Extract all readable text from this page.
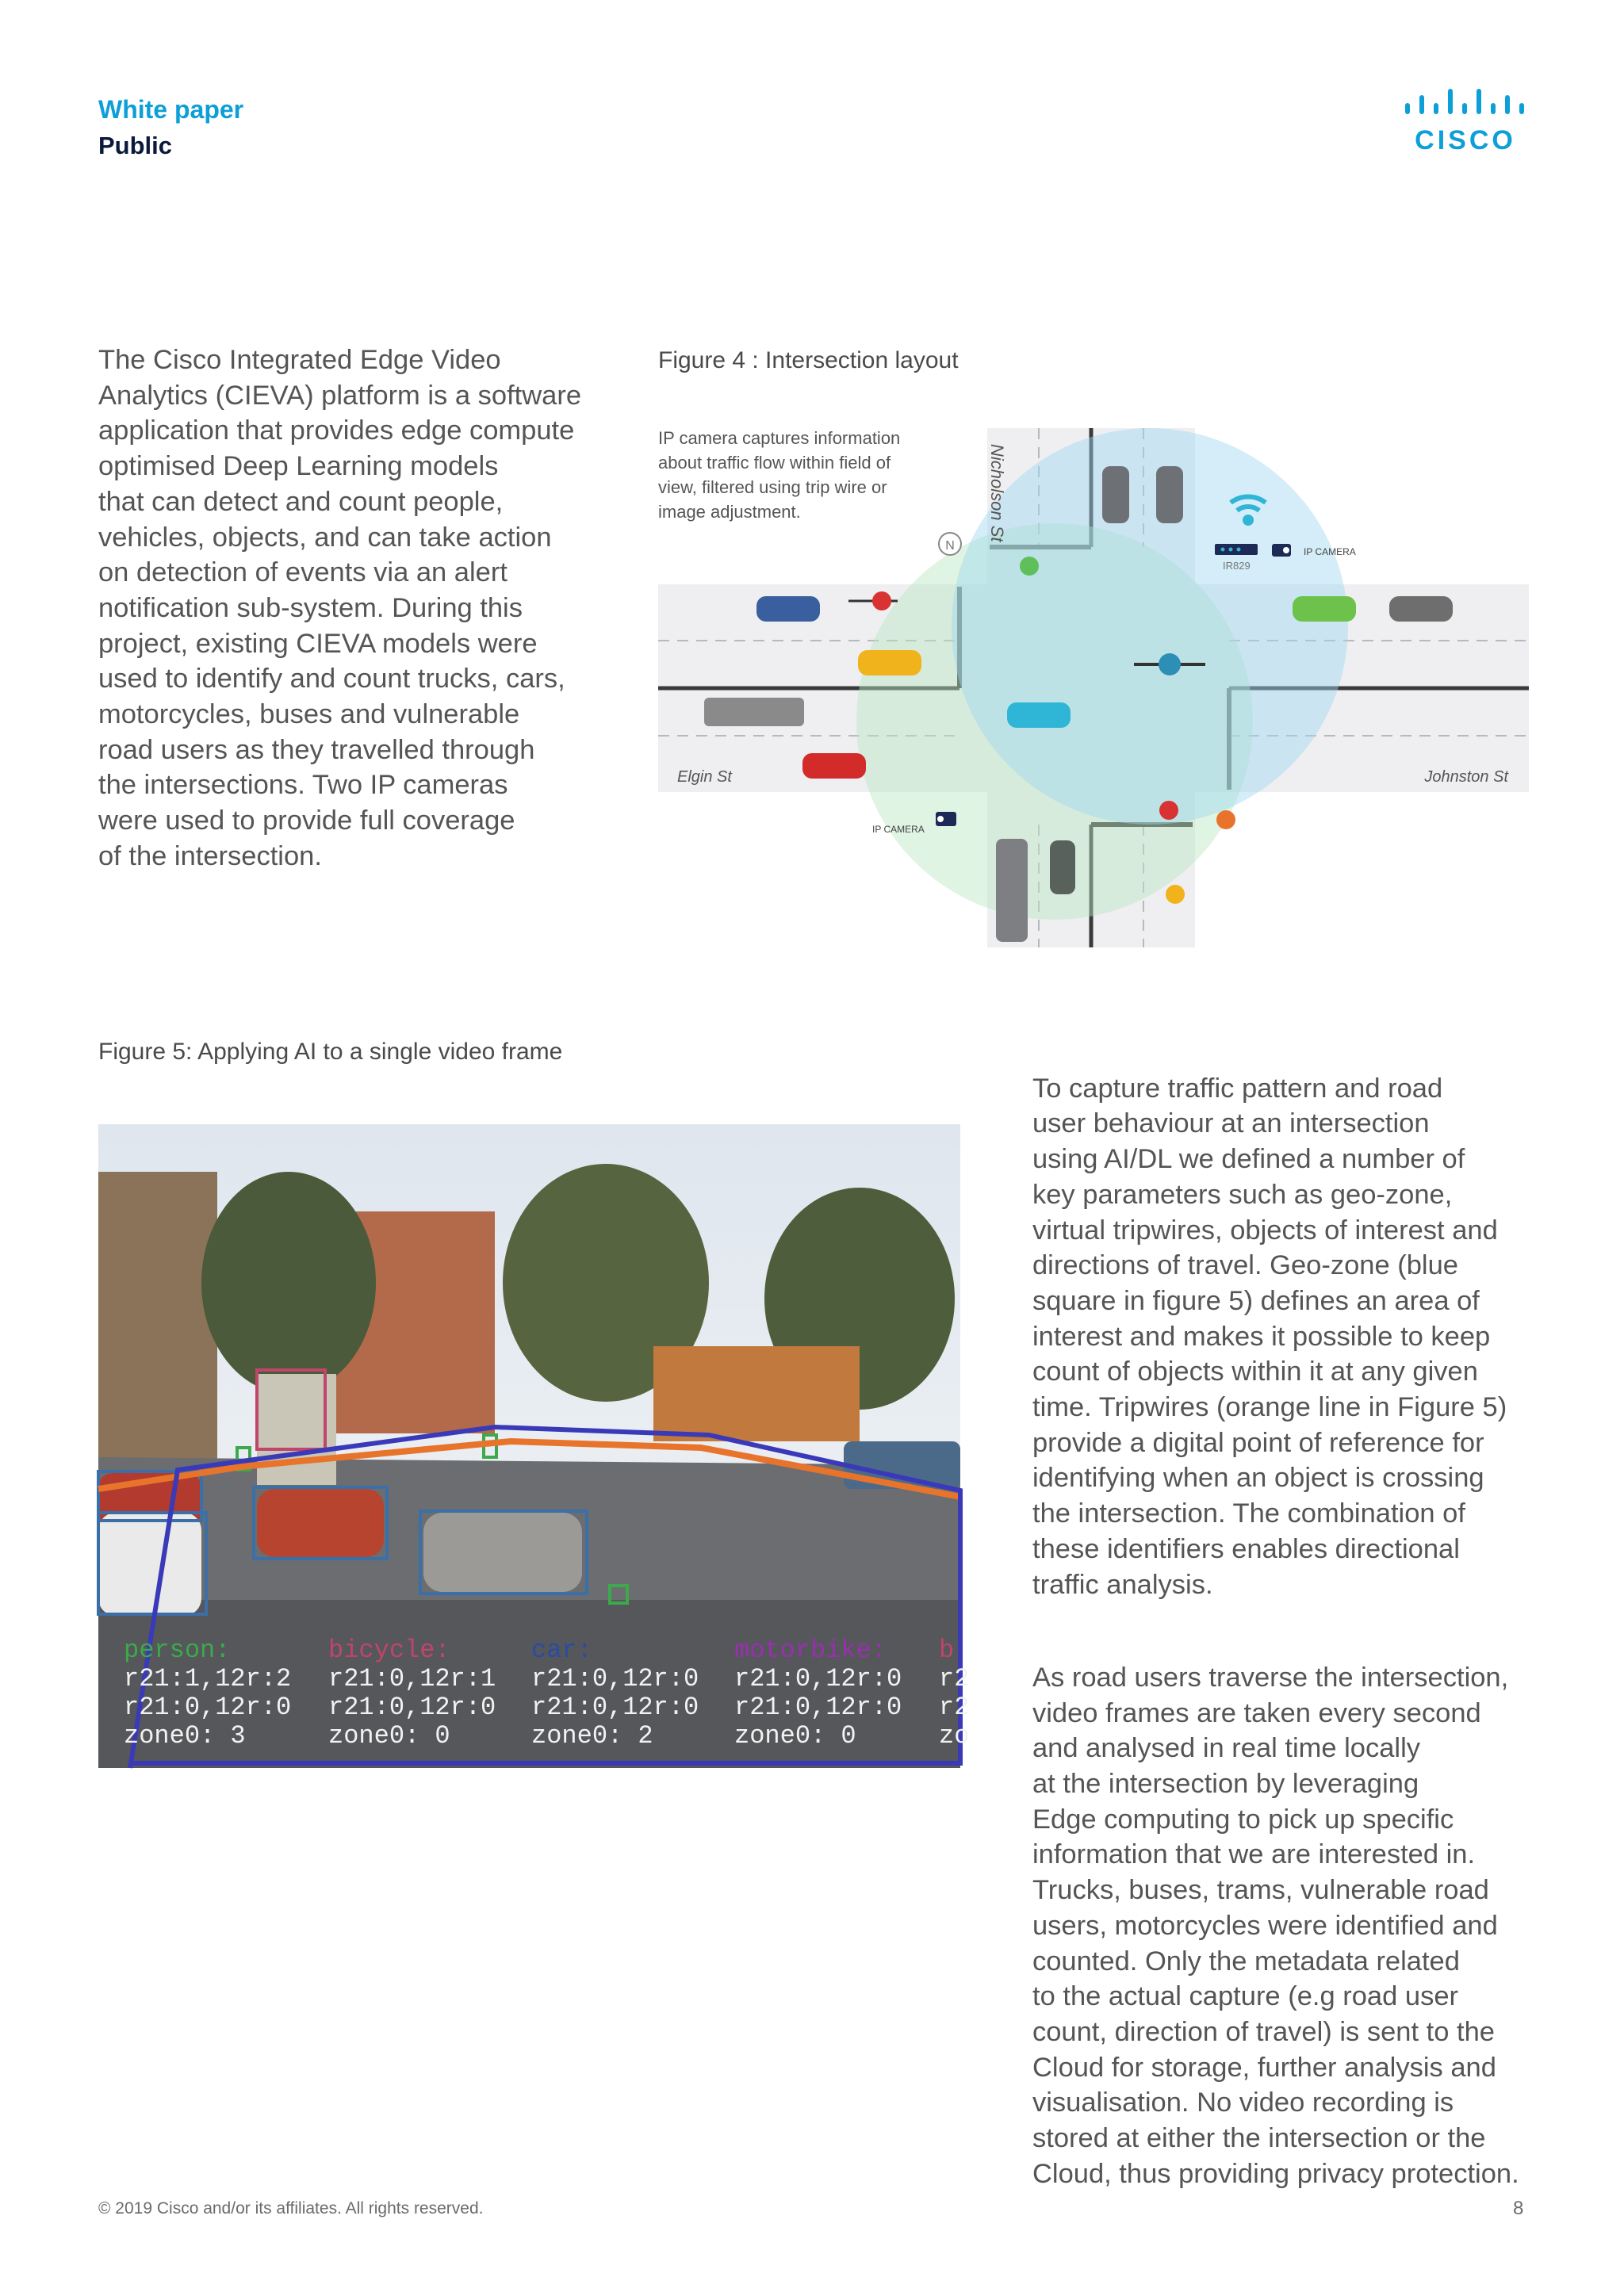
White paper
Public	CISCO
The Cisco Integrated Edge Video
Analytics (CIEVA) platform is a software
application that provides edge compute
optimised Deep Learning models
that can detect and count people,
vehicles, objects, and can take action
on detection of events via an alert
notification sub-system. During this
project, existing CIEVA models were
used to identify and count trucks, cars,
motorcycles, buses and vulnerable
road users as they travelled through
the intersections. Two IP cameras
were used to provide full coverage
of the intersection.
Figure 4 : Intersection layout
IP camera captures information about traffic flow within field of view, filtered using trip wire or image adjustment.
N
Nicholson St
Elgin St	Johnston St
IR829
IP CAMERA
IP CAMERA
Figure 5: Applying AI to a single video frame
person:	bicycle:	car:	motorbike: b
r21:1,12r:2 r21:0,12r:1 r21:0,12r:0 r21:0,12r:0 r2
r21:0,12r:0 r21:0,12r:0 r21:0,12r:0 r21:0,12r:0 r2
zone0: 3	zone0: 0	zone0: 2	zone0: 0	zo

To capture traffic pattern and road
user behaviour at an intersection
using AI/DL we defined a number of
key parameters such as geo-zone,
virtual tripwires, objects of interest and
directions of travel. Geo-zone (blue
square in figure 5) defines an area of
interest and makes it possible to keep
count of objects within it at any given
time. Tripwires (orange line in Figure 5)
provide a digital point of reference for
identifying when an object is crossing
the intersection. The combination of
these identifiers enables directional
traffic analysis.

As road users traverse the intersection,
video frames are taken every second
and analysed in real time locally
at the intersection by leveraging
Edge computing to pick up specific
information that we are interested in.
Trucks, buses, trams, vulnerable road
users, motorcycles were identified and
counted. Only the metadata related
to the actual capture (e.g road user
count, direction of travel) is sent to the
Cloud for storage, further analysis and
visualisation. No video recording is
stored at either the intersection or the
Cloud, thus providing privacy protection.

© 2019 Cisco and/or its affiliates. All rights reserved.	8
